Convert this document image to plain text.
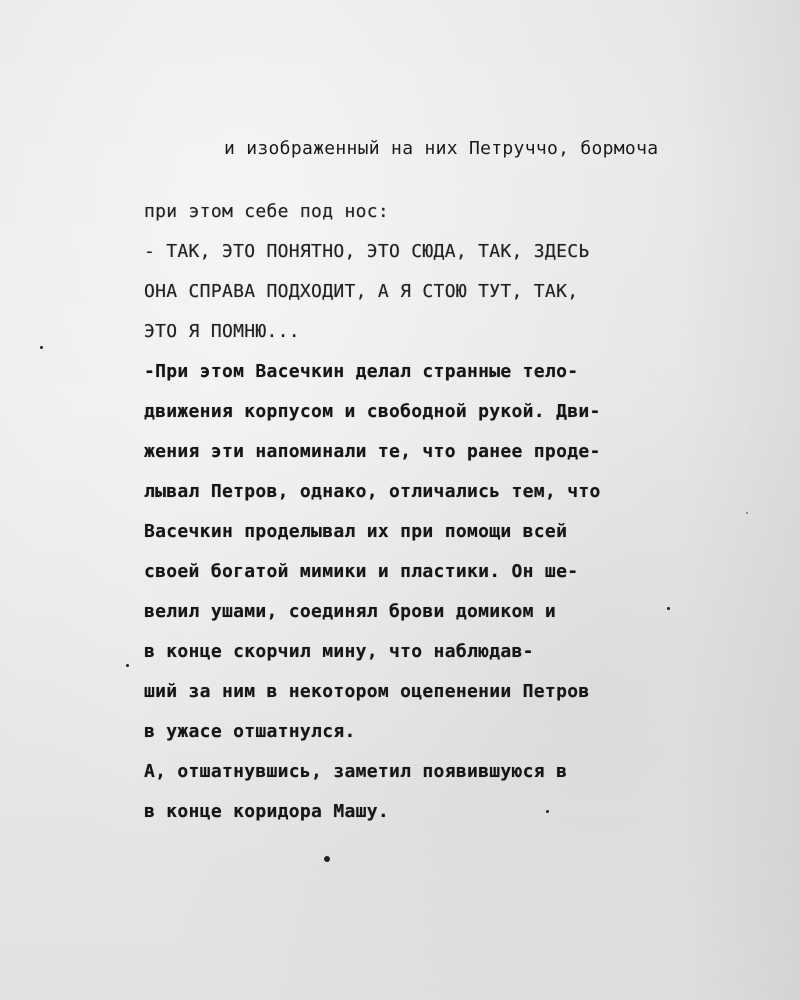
и изображенный на них Петруччо, бормоча
при этом себе под нос:
- ТАК, ЭТО ПОНЯТНО, ЭТО СЮДА, ТАК, ЗДЕСЬ
ОНА СПРАВА ПОДХОДИТ, А Я СТОЮ ТУТ, ТАК,
ЭТО Я ПОМНЮ...
-При этом Васечкин делал странные тело-
движения корпусом и свободной рукой. Дви-
жения эти напоминали те, что ранее проде-
лывал Петров, однако, отличались тем, что
Васечкин проделывал их при помощи всей
своей богатой мимики и пластики. Он ше-
велил ушами, соединял брови домиком и
в конце скорчил мину, что наблюдав-
ший за ним в некотором оцепенении Петров
в ужасе отшатнулся.
А, отшатнувшись, заметил появившуюся в
в конце коридора Машу.
